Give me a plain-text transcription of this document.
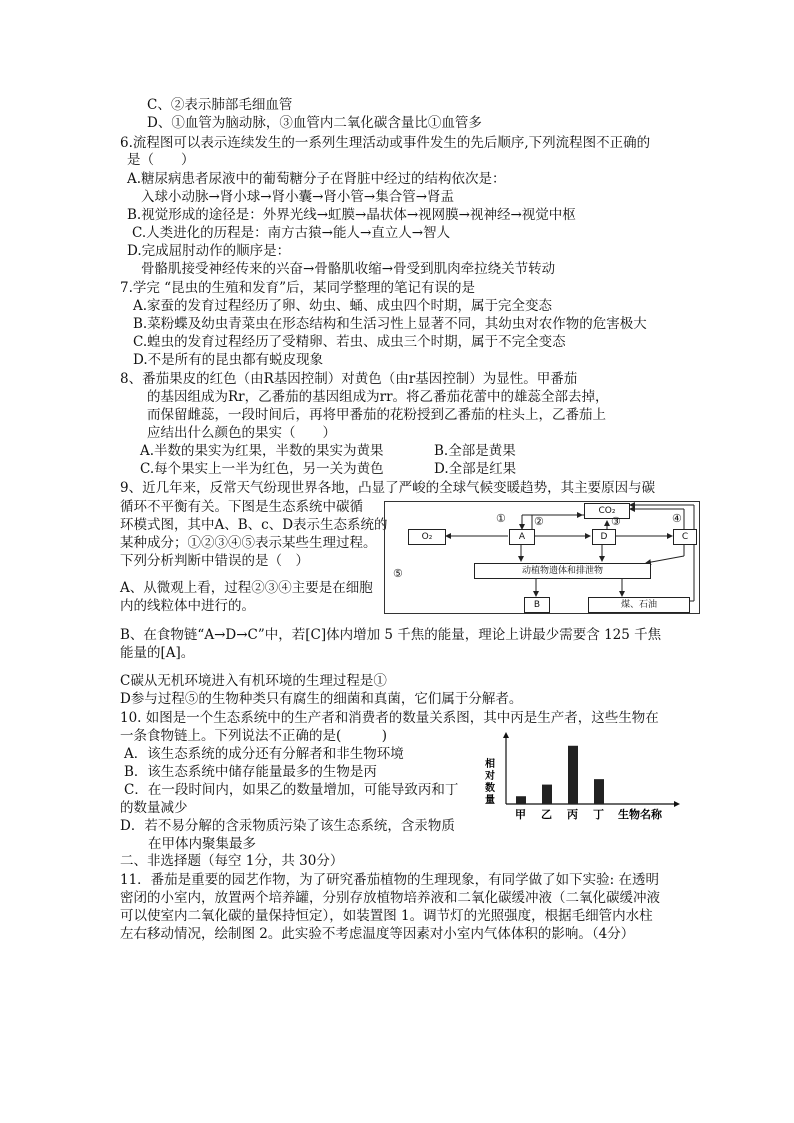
C、②表示肺部毛细血管
D、①血管为脑动脉，③血管内二氧化碳含量比①血管多
6.流程图可以表示连续发生的一系列生理活动或事件发生的先后顺序,下列流程图不正确的
是（　　）
A.糖尿病患者尿液中的葡萄糖分子在肾脏中经过的结构依次是：
入球小动脉→肾小球→肾小囊→肾小管→集合管→肾盂
B.视觉形成的途径是：外界光线→虹膜→晶状体→视网膜→视神经→视觉中枢
C.人类进化的历程是：南方古猿→能人→直立人→智人
D.完成屈肘动作的顺序是：
骨骼肌接受神经传来的兴奋→骨骼肌收缩→骨受到肌肉牵拉绕关节转动
7.学完 “昆虫的生殖和发育”后，某同学整理的笔记有误的是
A.家蚕的发育过程经历了卵、幼虫、蛹、成虫四个时期，属于完全变态
B.菜粉蝶及幼虫青菜虫在形态结构和生活习性上显著不同，其幼虫对农作物的危害极大
C.蝗虫的发育过程经历了受精卵、若虫、成虫三个时期，属于不完全变态
D.不是所有的昆虫都有蜕皮现象
8、番茄果皮的红色（由R基因控制）对黄色（由r基因控制）为显性。甲番茄
的基因组成为Rr，乙番茄的基因组成为rr。将乙番茄花蕾中的雄蕊全部去掉，
而保留雌蕊，一段时间后，再将甲番茄的花粉授到乙番茄的柱头上，乙番茄上
应结出什么颜色的果实（　　）
A.半数的果实为红果，半数的果实为黄果	B.全部是黄果
C.每个果实上一半为红色，另一关为黄色	D.全部是红果
9、近几年来，反常天气纷现世界各地，凸显了严峻的全球气候变暖趋势，其主要原因与碳
循环不平衡有关。下图是生态系统中碳循
环模式图，其中A、B、c、D表示生态系统的
某种成分；①②③④⑤表示某些生理过程。
下列分析判断中错误的是（　）
A、从微观上看，过程②③④主要是在细胞
内的线粒体中进行的。
B、在食物链“A→D→C”中，若[C]体内增加 5 千焦的能量，理论上讲最少需要含 125 千焦
能量的[A]。
C碳从无机环境进入有机环境的生理过程是①
D参与过程⑤的生物种类只有腐生的细菌和真菌，它们属于分解者。
10. 如图是一个生态系统中的生产者和消费者的数量关系图，其中丙是生产者，这些生物在
一条食物链上。下列说法不正确的是(　　　)
A．该生态系统的成分还有分解者和非生物环境
B．该生态系统中储存能量最多的生物是丙
C．在一段时间内，如果乙的数量增加，可能导致丙和丁
的数量减少
D．若不易分解的含汞物质污染了该生态系统，含汞物质
在甲体内聚集最多
二、非选择题（每空 1分，共 30分）
11．番茄是重要的园艺作物，为了研究番茄植物的生理现象，有同学做了如下实验: 在透明
密闭的小室内，放置两个培养罐，分别存放植物培养液和二氧化碳缓冲液（二氧化碳缓冲液
可以使室内二氧化碳的量保持恒定），如装置图 1。调节灯的光照强度，根据毛细管内水柱
左右移动情况，绘制图 2。此实验不考虑温度等因素对小室内气体体积的影响。（4分）
CO₂
O₂	A	D	C
动植物遗体和排泄物
B	煤、石油
①	②	③	④
⑤
相对数量
生物名称
甲 乙 丙 丁
